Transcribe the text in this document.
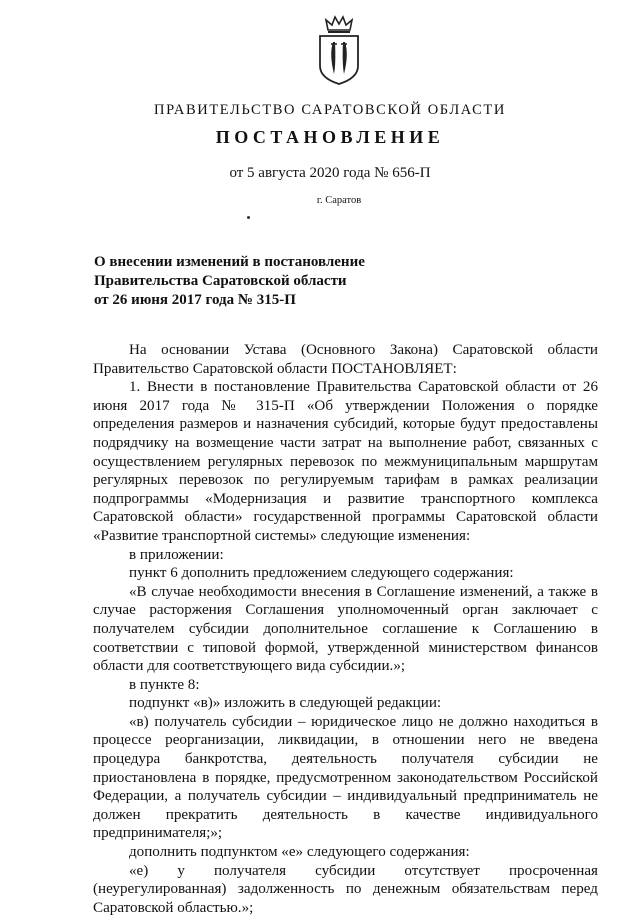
ПРАВИТЕЛЬСТВО САРАТОВСКОЙ ОБЛАСТИ
ПОСТАНОВЛЕНИЕ
от 5 августа 2020 года № 656-П
г. Саратов
О внесении изменений в постановление
Правительства Саратовской области
от 26 июня 2017 года № 315-П

На основании Устава (Основного Закона) Саратовской области Правительство Саратовской области ПОСТАНОВЛЯЕТ:

1. Внести в постановление Правительства Саратовской области от 26 июня 2017 года № 315-П «Об утверждении Положения о порядке определения размеров и назначения субсидий, которые будут предоставлены подрядчику на возмещение части затрат на выполнение работ, связанных с осуществлением регулярных перевозок по межмуниципальным маршрутам регулярных перевозок по регулируемым тарифам в рамках реализации подпрограммы «Модернизация и развитие транспортного комплекса Саратовской области» государственной программы Саратовской области «Развитие транспортной системы» следующие изменения:

в приложении:

пункт 6 дополнить предложением следующего содержания:

«В случае необходимости внесения в Соглашение изменений, а также в случае расторжения Соглашения уполномоченный орган заключает с получателем субсидии дополнительное соглашение к Соглашению в соответствии с типовой формой, утвержденной министерством финансов области для соответствующего вида субсидии.»;

в пункте 8:

подпункт «в)» изложить в следующей редакции:

«в) получатель субсидии – юридическое лицо не должно находиться в процессе реорганизации, ликвидации, в отношении него не введена процедура банкротства, деятельность получателя субсидии не приостановлена в порядке, предусмотренном законодательством Российской Федерации, а получатель субсидии – индивидуальный предприниматель не должен прекратить деятельность в качестве индивидуального предпринимателя;»;

дополнить подпунктом «е» следующего содержания:

«е) у получателя субсидии отсутствует просроченная (неурегулированная) задолженность по денежным обязательствам перед Саратовской областью.»;
